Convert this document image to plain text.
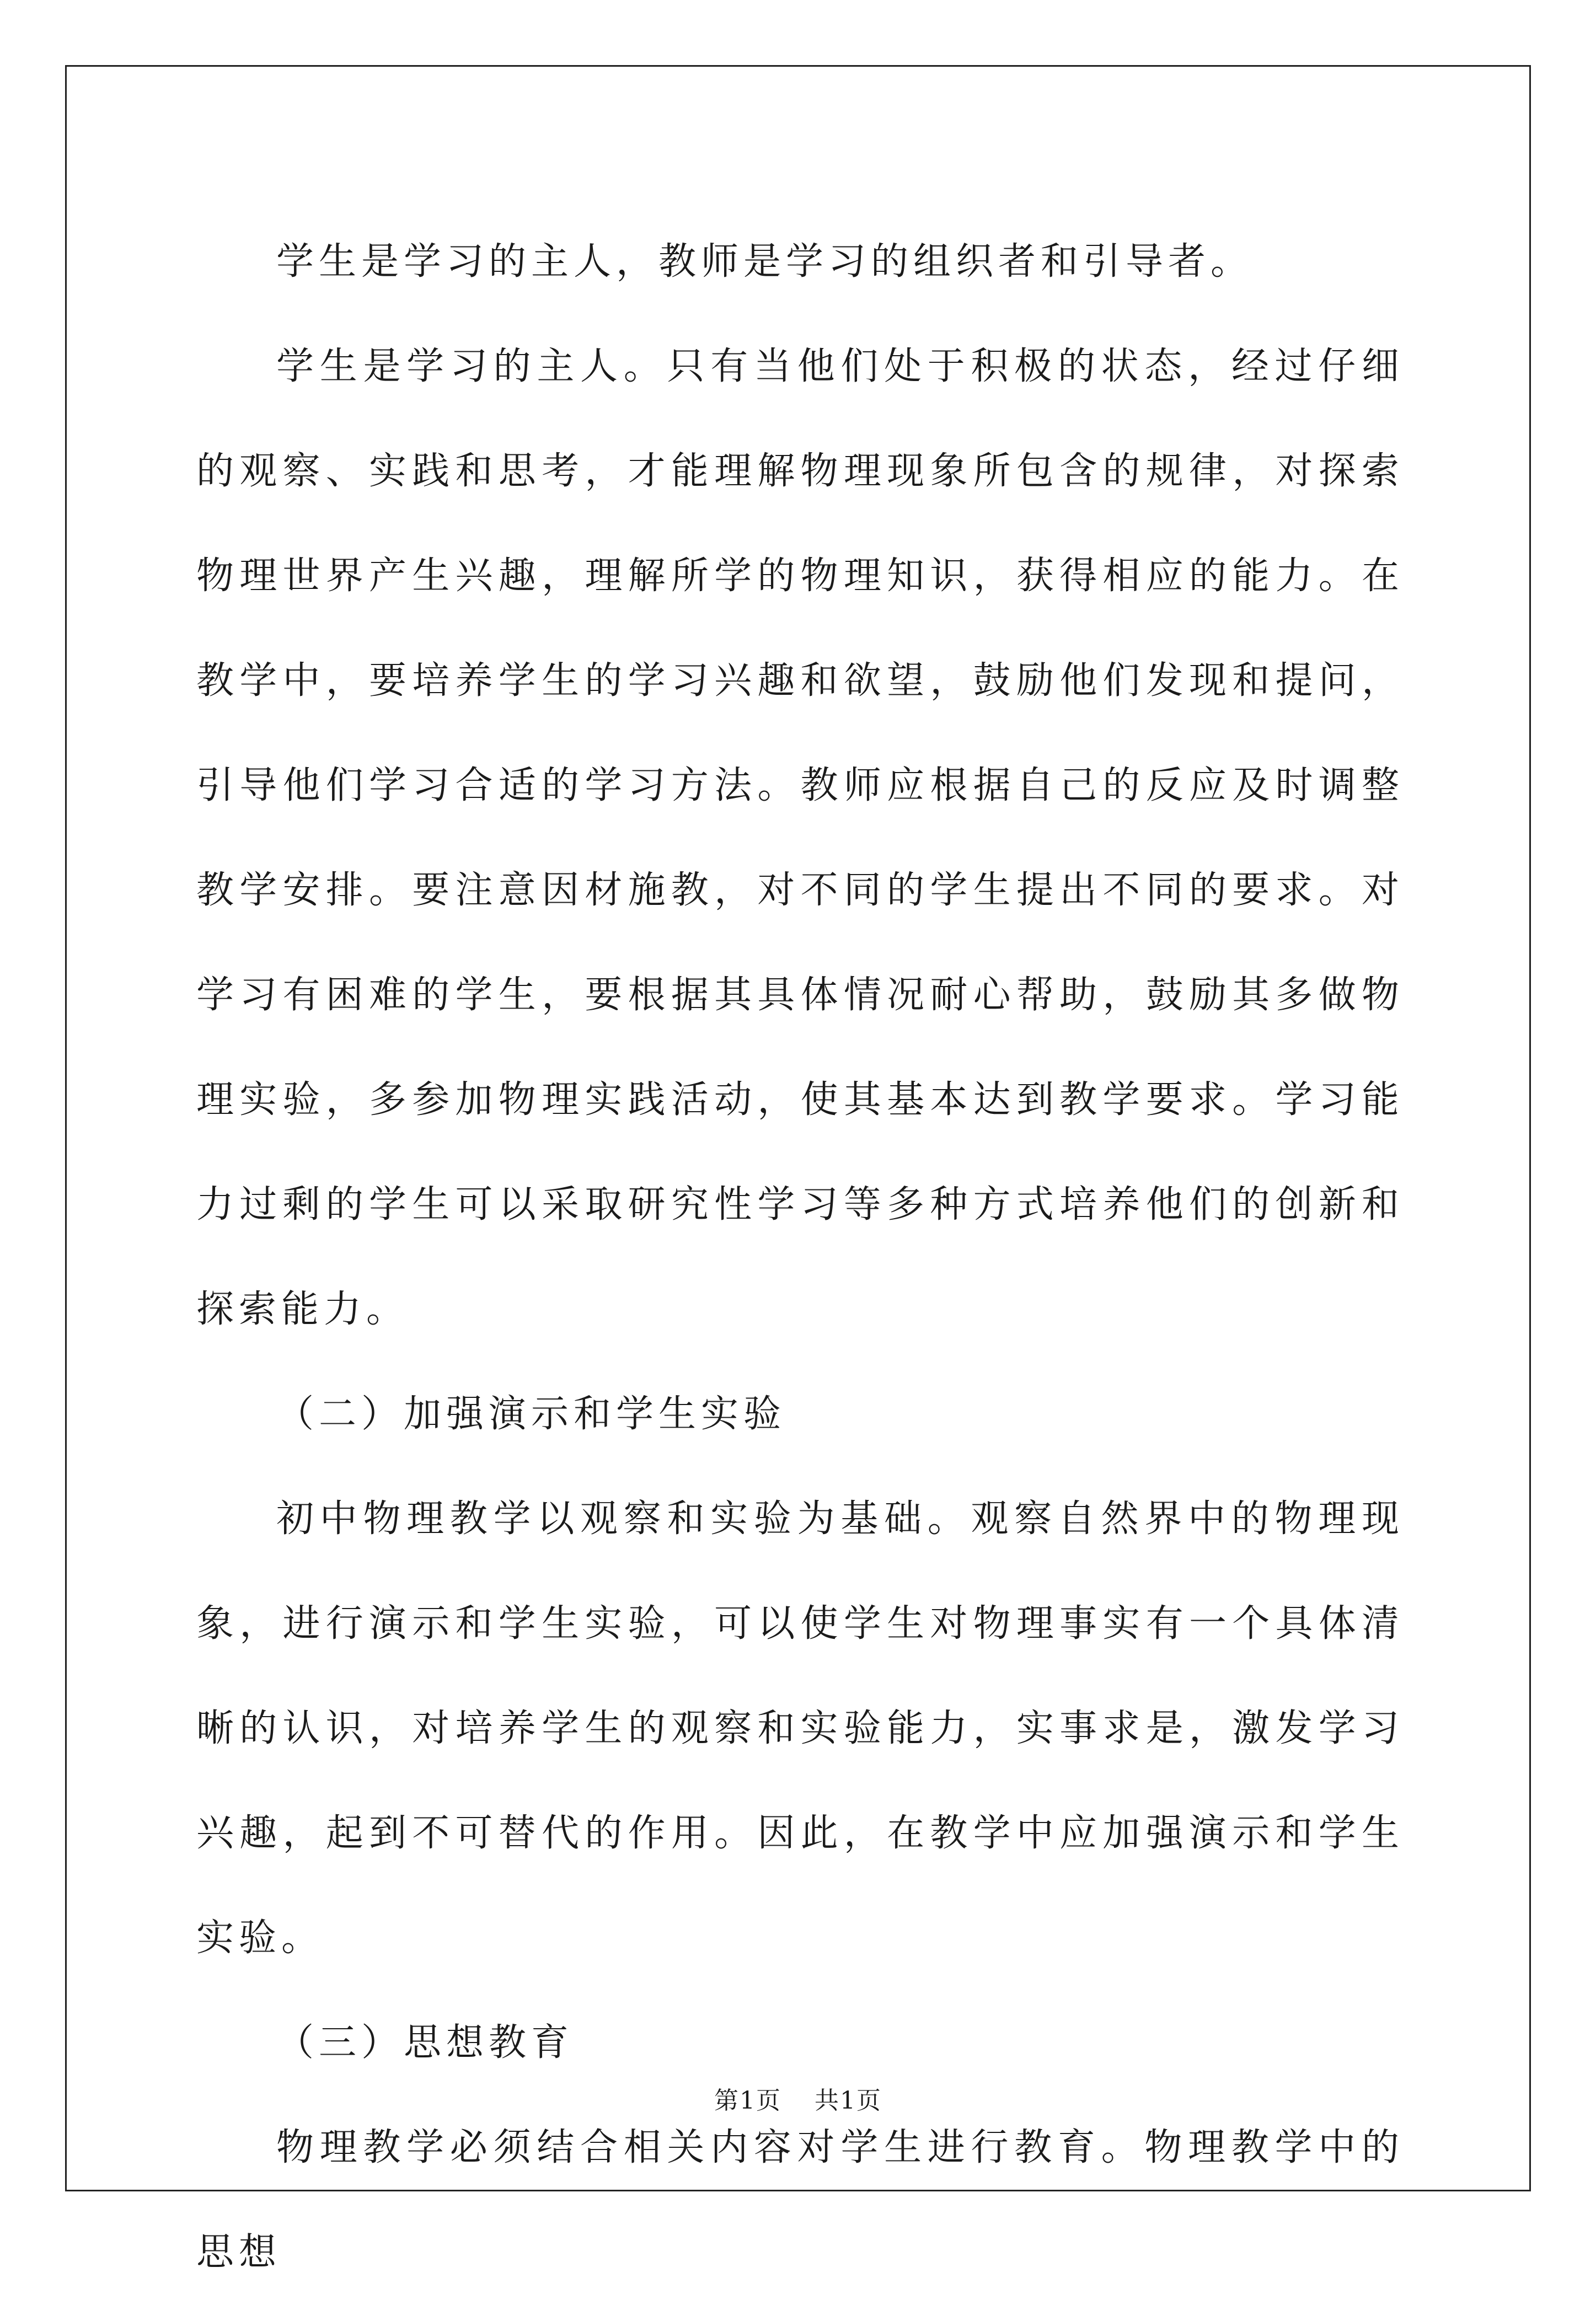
学生是学习的主人，教师是学习的组织者和引导者。

学生是学习的主人。只有当他们处于积极的状态，经过仔细的观察、实践和思考，才能理解物理现象所包含的规律，对探索物理世界产生兴趣，理解所学的物理知识，获得相应的能力。在教学中，要培养学生的学习兴趣和欲望，鼓励他们发现和提问，引导他们学习合适的学习方法。教师应根据自己的反应及时调整教学安排。要注意因材施教，对不同的学生提出不同的要求。对学习有困难的学生，要根据其具体情况耐心帮助，鼓励其多做物理实验，多参加物理实践活动，使其基本达到教学要求。学习能力过剩的学生可以采取研究性学习等多种方式培养他们的创新和探索能力。

（二）加强演示和学生实验

初中物理教学以观察和实验为基础。观察自然界中的物理现象，进行演示和学生实验，可以使学生对物理事实有一个具体清晰的认识，对培养学生的观察和实验能力，实事求是，激发学习兴趣，起到不可替代的作用。因此，在教学中应加强演示和学生实验。

（三）思想教育

物理教学必须结合相关内容对学生进行教育。物理教学中的思想

第1页 共1页
